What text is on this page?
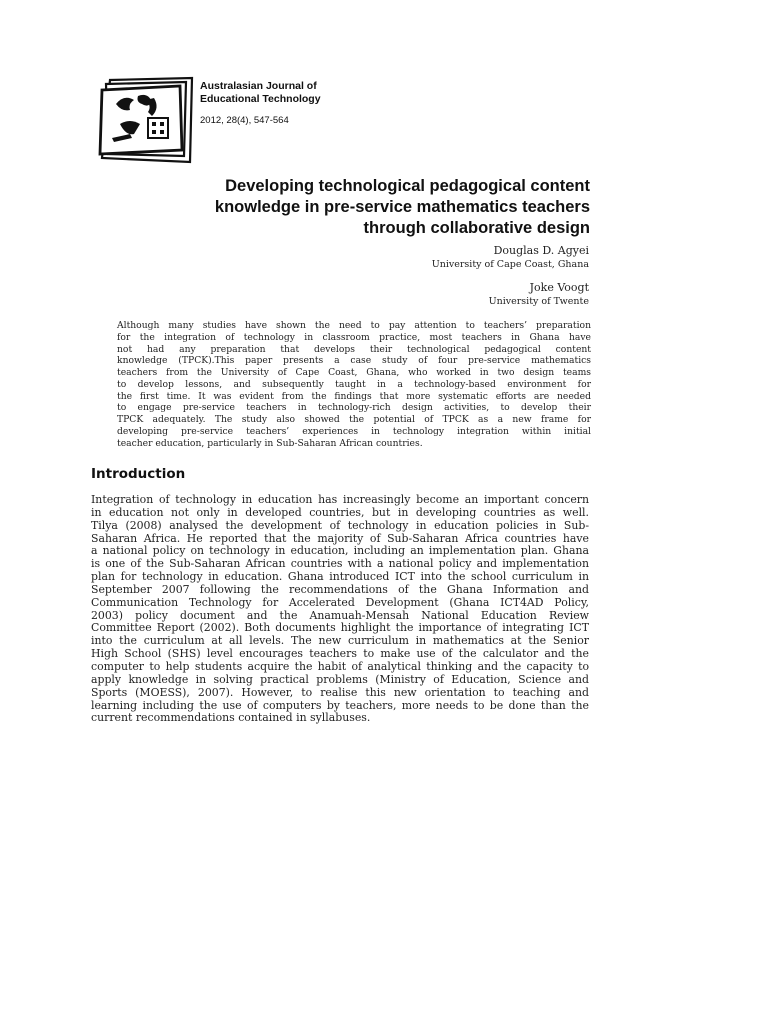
Australasian Journal of
Educational Technology
2012, 28(4), 547-564
Developing technological pedagogical content
knowledge in pre-service mathematics teachers
through collaborative design
Douglas D. Agyei
University of Cape Coast, Ghana
Joke Voogt
University of Twente
Although many studies have shown the need to pay attention to teachers’ preparation
for the integration of technology in classroom practice, most teachers in Ghana have
not had any preparation that develops their technological pedagogical content
knowledge (TPCK).This paper presents a case study of four pre-service mathematics
teachers from the University of Cape Coast, Ghana, who worked in two design teams
to develop lessons, and subsequently taught in a technology-based environment for
the first time. It was evident from the findings that more systematic efforts are needed
to engage pre-service teachers in technology-rich design activities, to develop their
TPCK adequately. The study also showed the potential of TPCK as a new frame for
developing pre-service teachers’ experiences in technology integration within initial
teacher education, particularly in Sub-Saharan African countries.
Introduction
Integration of technology in education has increasingly become an important concern
in education not only in developed countries, but in developing countries as well.
Tilya (2008) analysed the development of technology in education policies in Sub-
Saharan Africa. He reported that the majority of Sub-Saharan Africa countries have
a national policy on technology in education, including an implementation plan. Ghana
is one of the Sub-Saharan African countries with a national policy and implementation
plan for technology in education. Ghana introduced ICT into the school curriculum in
September 2007 following the recommendations of the Ghana Information and
Communication Technology for Accelerated Development (Ghana ICT4AD Policy,
2003) policy document and the Anamuah-Mensah National Education Review
Committee Report (2002). Both documents highlight the importance of integrating ICT
into the curriculum at all levels. The new curriculum in mathematics at the Senior
High School (SHS) level encourages teachers to make use of the calculator and the
computer to help students acquire the habit of analytical thinking and the capacity to
apply knowledge in solving practical problems (Ministry of Education, Science and
Sports (MOESS), 2007). However, to realise this new orientation to teaching and
learning including the use of computers by teachers, more needs to be done than the
current recommendations contained in syllabuses.
